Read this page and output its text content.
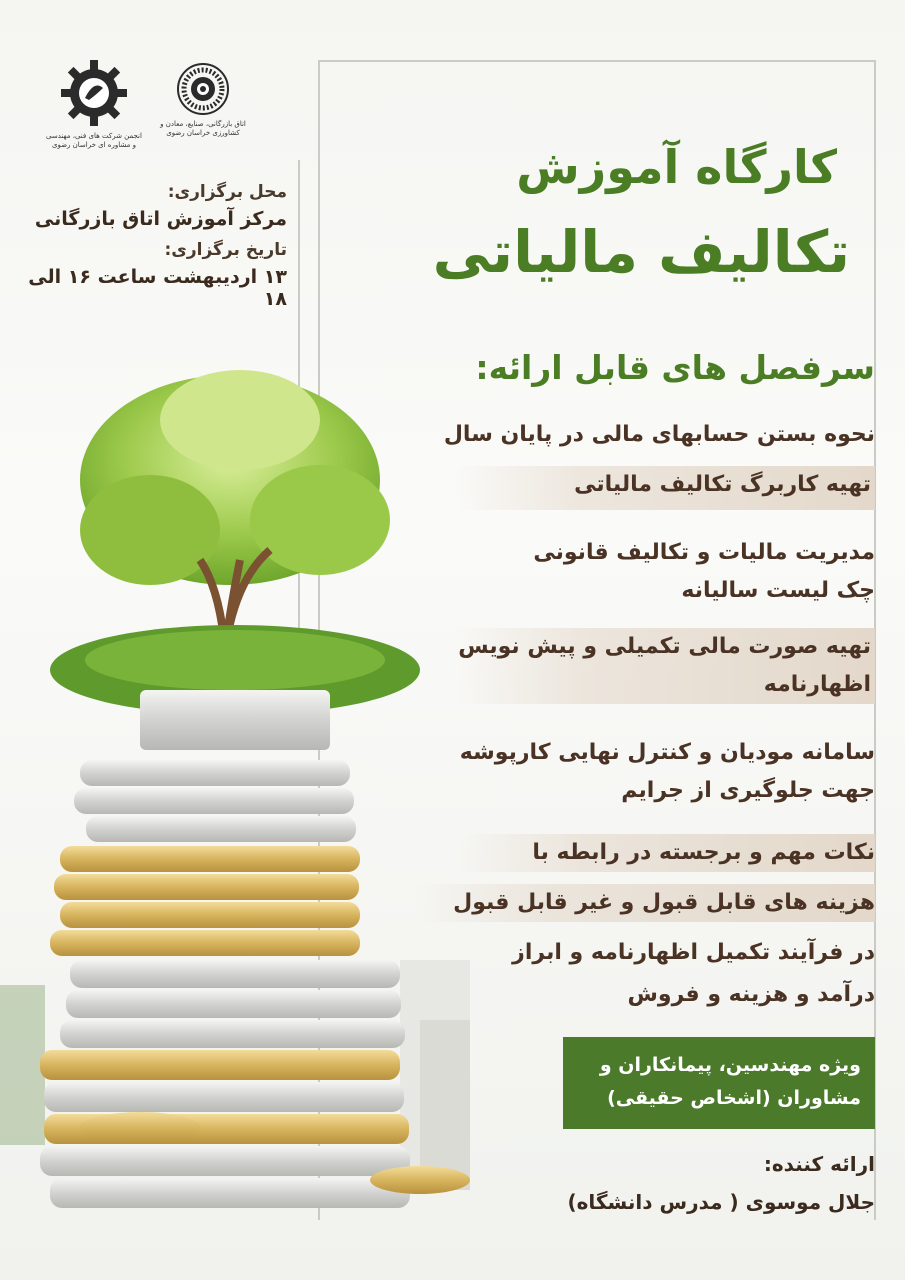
انجمن شرکت های فنی، مهندسی و مشاوره ای خراسان رضوی
اتاق بازرگانی، صنایع، معادن و کشاورزی خراسان رضوی
محل برگزاری:
مرکز آموزش اتاق بازرگانی
تاریخ برگزاری:
۱۳ اردیبهشت ساعت ۱۶ الی ۱۸
کارگاه آموزش
تکالیف مالیاتی
سرفصل های قابل ارائه:
نحوه بستن حسابهای مالی در پایان سال
تهیه کاربرگ تکالیف مالیاتی
مدیریت مالیات و تکالیف قانونی
چک لیست سالیانه
تهیه صورت مالی تکمیلی و پیش نویس
اظهارنامه
سامانه مودیان و کنترل نهایی کارپوشه
جهت جلوگیری از جرایم
نکات مهم و برجسته در رابطه با
هزینه های قابل قبول و غیر قابل قبول
در فرآیند تکمیل اظهارنامه و ابراز
درآمد و هزینه و فروش
ویژه مهندسین، پیمانکاران و
مشاوران (اشخاص حقیقی)
ارائه کننده:
جلال موسوی ( مدرس دانشگاه)
